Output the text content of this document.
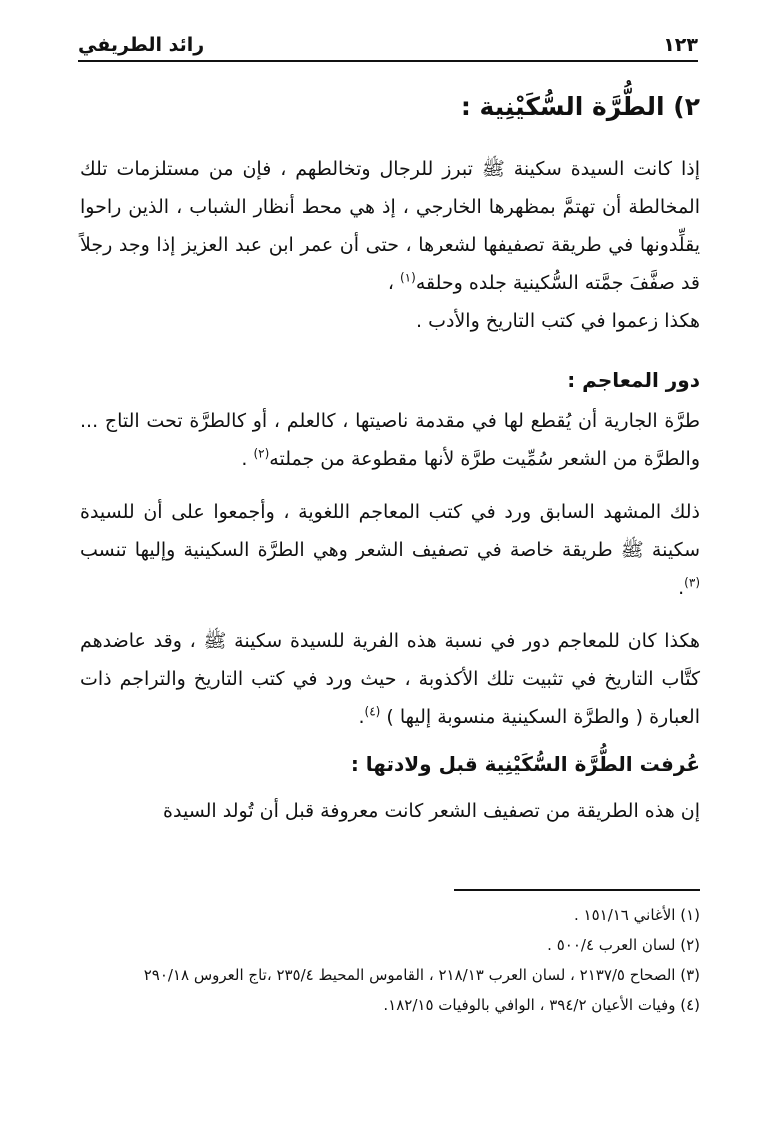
١٢٣
رائد الطريفي
٢) الطُّرَّة السُّكَيْنِية :

إذا كانت السيدة سكينة ﷺ تبرز للرجال وتخالطهم ، فإن من مستلزمات تلك المخالطة أن تهتمَّ بمظهرها الخارجي ، إذ هي محط أنظار الشباب ، الذين راحوا يقلِّدونها في طريقة تصفيفها لشعرها ، حتى أن عمر ابن عبد العزيز إذا وجد رجلاً قد صفَّفَ جمَّته السُّكينية جلده وحلقه$^{(١)}$ ،

هكذا زعموا في كتب التاريخ والأدب .

دور المعاجم :

طرَّة الجارية أن يُقطع لها في مقدمة ناصيتها ، كالعلم ، أو كالطرَّة تحت التاج ... والطرَّة من الشعر سُمِّيت طرَّة لأنها مقطوعة من جملته$^{(٢)}$ .

ذلك المشهد السابق ورد في كتب المعاجم اللغوية ، وأجمعوا على أن للسيدة سكينة ﷺ طريقة خاصة في تصفيف الشعر وهي الطرَّة السكينية وإليها تنسب $^{(٣)}$.

هكذا كان للمعاجم دور في نسبة هذه الفرية للسيدة سكينة ﷺ ، وقد عاضدهم كتَّاب التاريخ في تثبيت تلك الأكذوبة ، حيث ورد في كتب التاريخ والتراجم ذات العبارة ( والطرَّة السكينية منسوبة إليها ) $^{(٤)}$.

عُرفت الطُّرَّة السُّكَيْنِية قبل ولادتها :

إن هذه الطريقة من تصفيف الشعر كانت معروفة قبل أن تُولد السيدة

(١) الأغاني ١٥١/١٦ .

(٢) لسان العرب ٥٠٠/٤ .

(٣) الصحاح ٢١٣٧/٥ ، لسان العرب ٢١٨/١٣ ، القاموس المحيط ٢٣٥/٤ ،تاج العروس ٢٩٠/١٨

(٤) وفيات الأعيان ٣٩٤/٢ ، الوافي بالوفيات ١٨٢/١٥.
